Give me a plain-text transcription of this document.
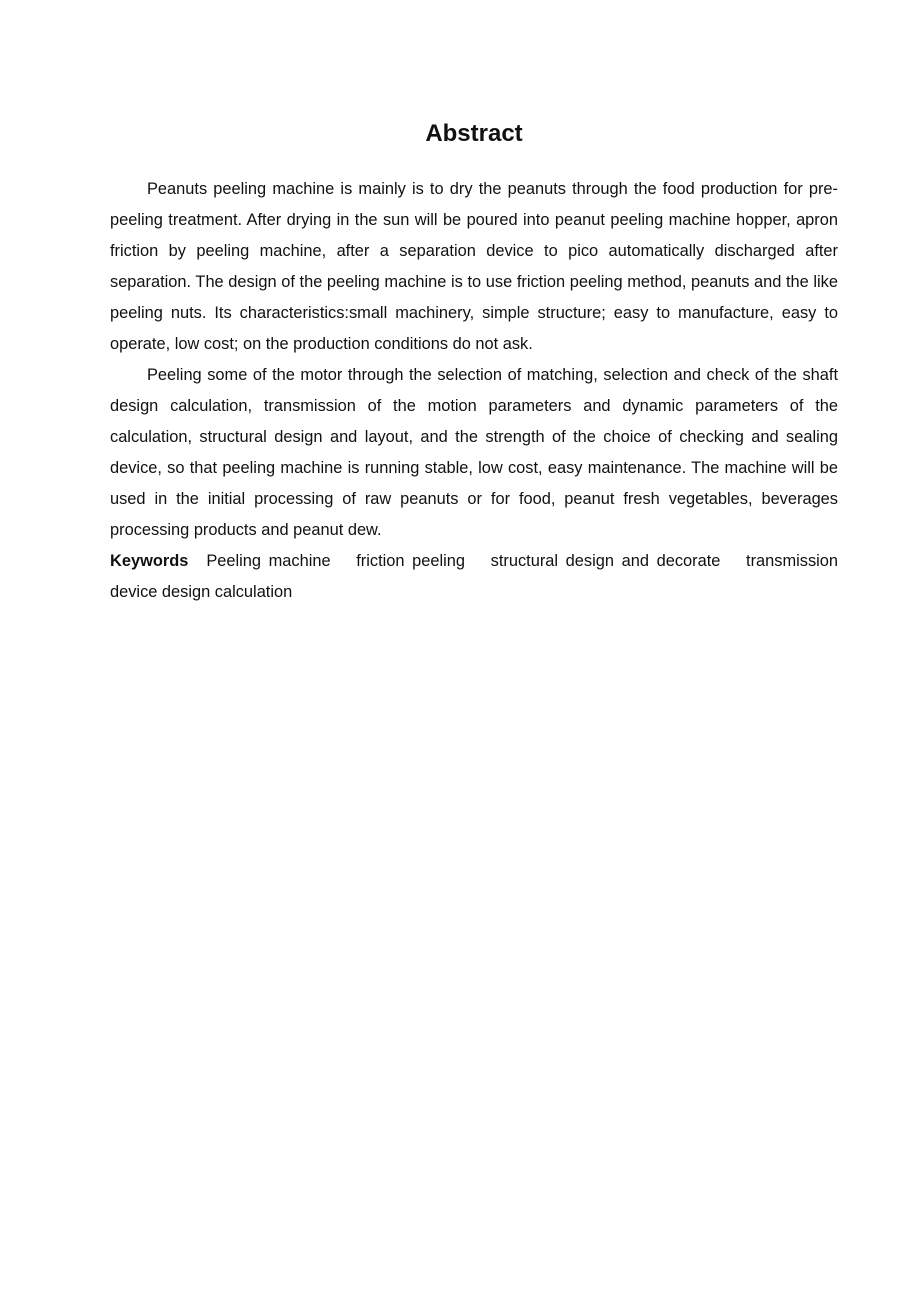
Abstract

Peanuts peeling machine is mainly is to dry the peanuts through the food production for pre-peeling treatment. After drying in the sun will be poured into peanut peeling machine hopper, apron friction by peeling machine, after a separation device to pico automatically discharged after separation. The design of the peeling machine is to use friction peeling method, peanuts and the like peeling nuts. Its characteristics:small machinery, simple structure; easy to manufacture, easy to operate, low cost; on the production conditions do not ask.

Peeling some of the motor through the selection of matching, selection and check of the shaft design calculation, transmission of the motion parameters and dynamic parameters of the calculation, structural design and layout, and the strength of the choice of checking and sealing device, so that peeling machine is running stable, low cost, easy maintenance. The machine will be used in the initial processing of raw peanuts or for food, peanut fresh vegetables, beverages processing products and peanut dew.

Keywords Peeling machine friction peeling structural design and decorate transmission device design calculation
